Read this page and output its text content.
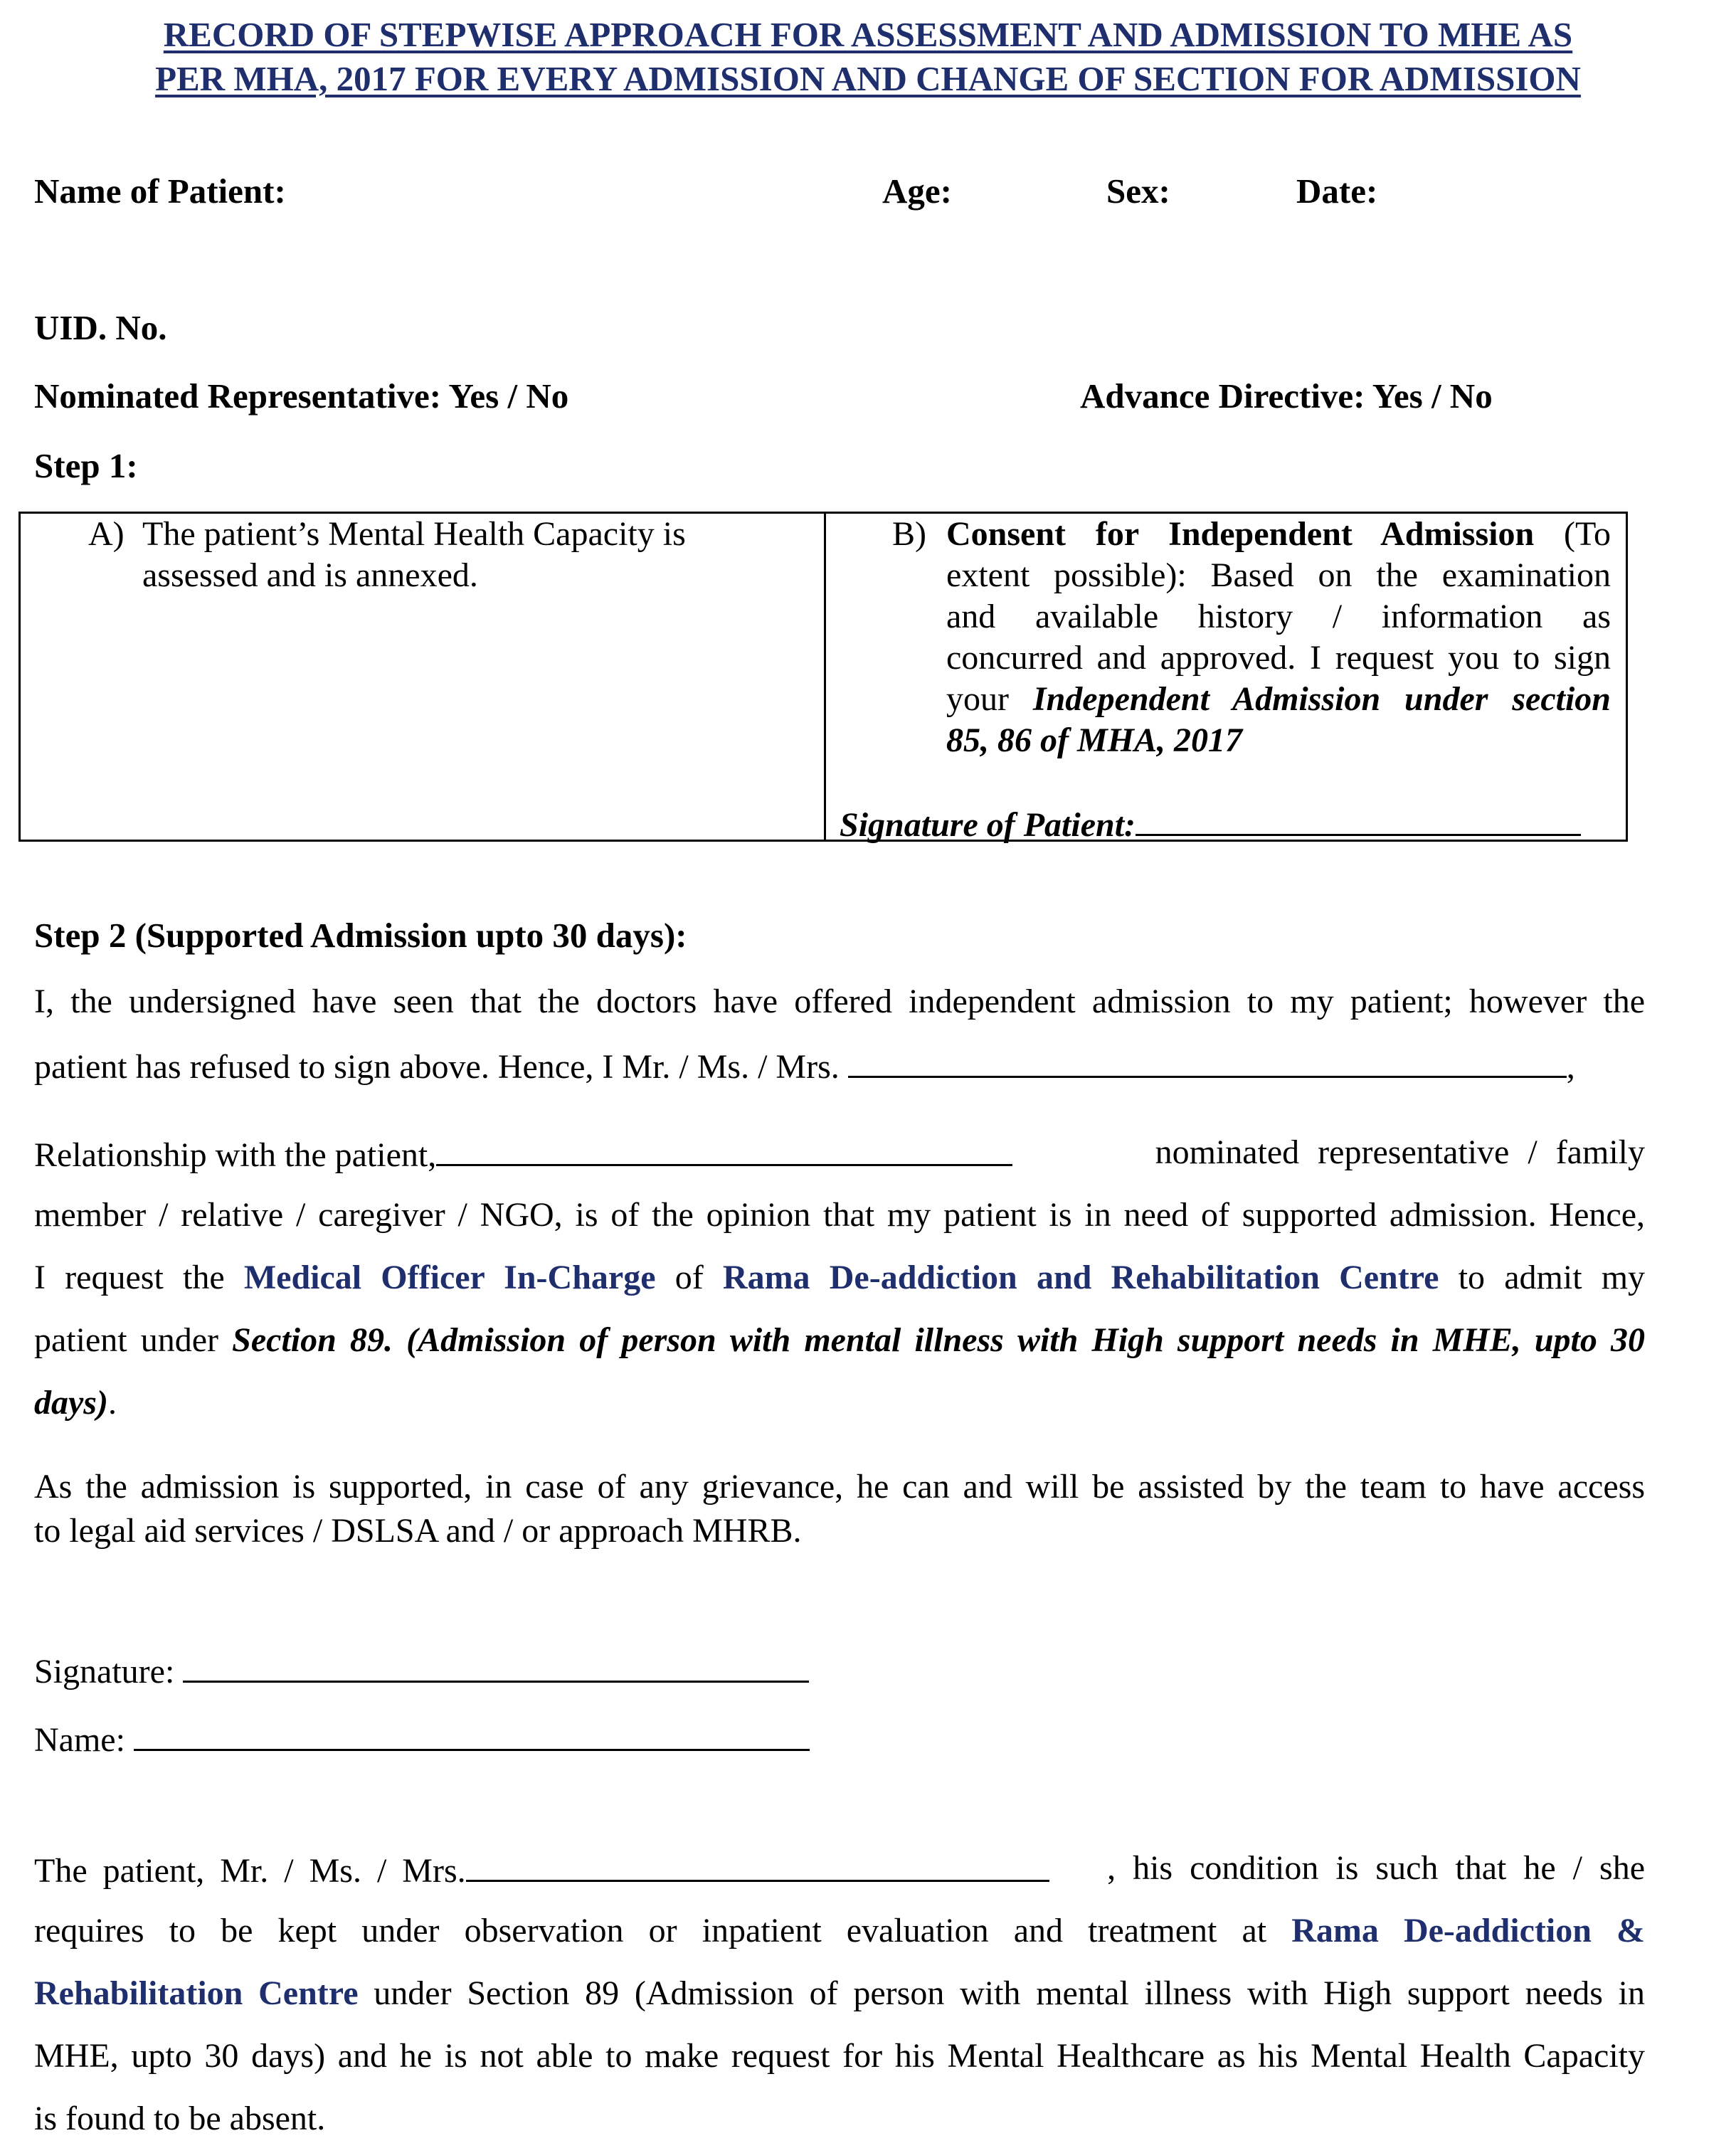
RECORD OF STEPWISE APPROACH FOR ASSESSMENT AND ADMISSION TO MHE AS
PER MHA, 2017 FOR EVERY ADMISSION AND CHANGE OF SECTION FOR ADMISSION
Name of Patient:	Age:	Sex:	Date:
UID. No.
Nominated Representative: Yes / No	Advance Directive: Yes / No
Step 1:
A) The patient’s Mental Health Capacity is
assessed and is annexed.
B) Consent for Independent Admission (To
extent possible): Based on the examination
and available history / information as
concurred and approved. I request you to sign
your Independent Admission under section
85, 86 of MHA, 2017
Signature of Patient:
Step 2 (Supported Admission upto 30 days):
I, the undersigned have seen that the doctors have offered independent admission to my patient; however the
patient has refused to sign above. Hence, I Mr. / Ms. / Mrs.	,
Relationship with the patient,	nominated representative / family
member / relative / caregiver / NGO, is of the opinion that my patient is in need of supported admission. Hence,
I request the Medical Officer In-Charge of Rama De-addiction and Rehabilitation Centre to admit my
patient under Section 89. (Admission of person with mental illness with High support needs in MHE, upto 30
days).
As the admission is supported, in case of any grievance, he can and will be assisted by the team to have access
to legal aid services / DSLSA and / or approach MHRB.
Signature:
Name:
The patient, Mr. / Ms. / Mrs.	, his condition is such that he / she
requires to be kept under observation or inpatient evaluation and treatment at Rama De-addiction &
Rehabilitation Centre under Section 89 (Admission of person with mental illness with High support needs in
MHE, upto 30 days) and he is not able to make request for his Mental Healthcare as his Mental Health Capacity
is found to be absent.
